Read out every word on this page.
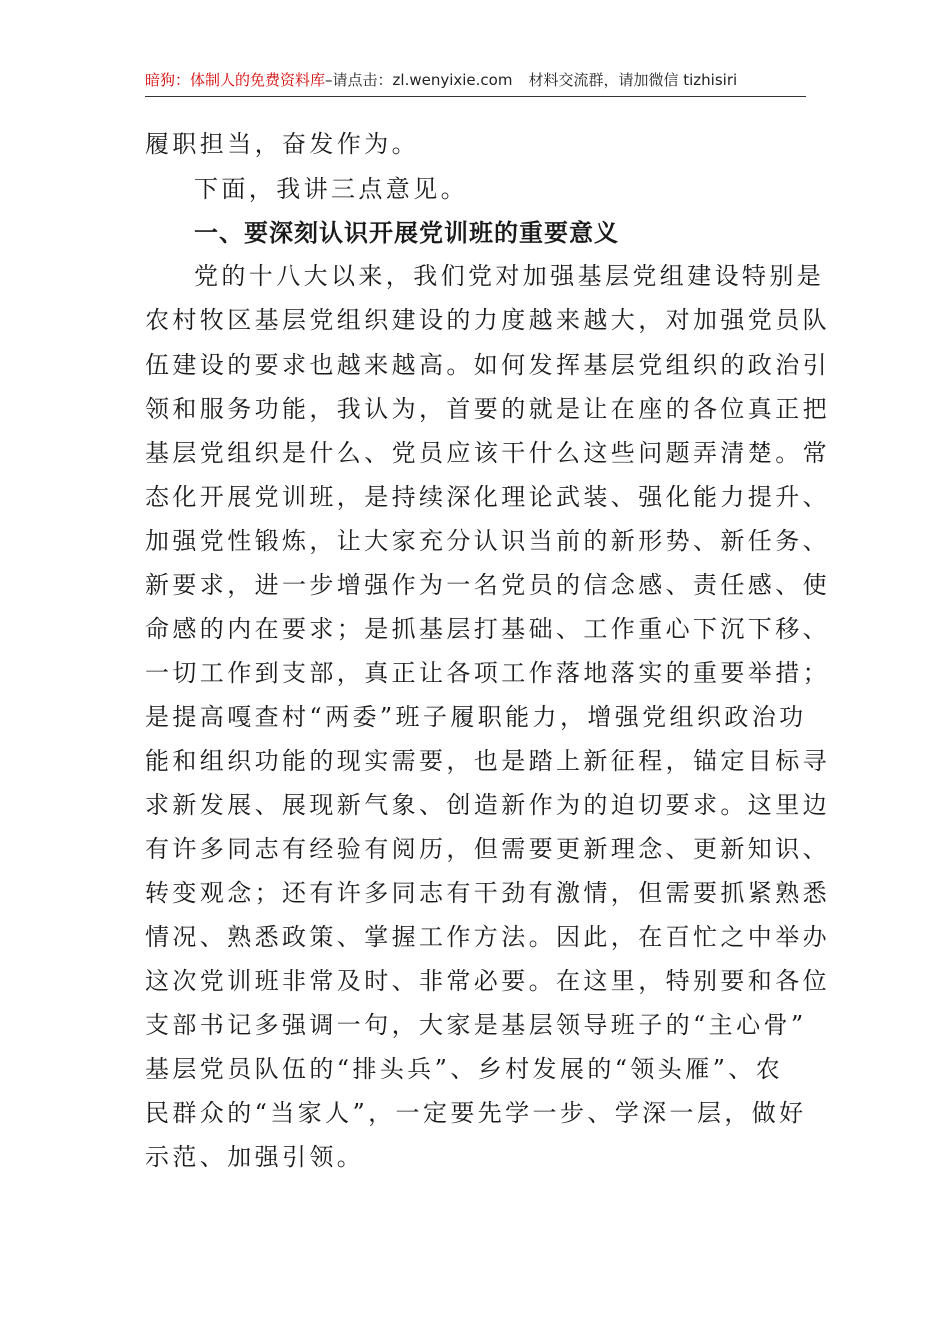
暗狗：体制人的免费资料库–请点击：zl.wenyixie.com 材料交流群，请加微信 tizhisiri

履职担当，奋发作为。

下面，我讲三点意见。

一、要深刻认识开展党训班的重要意义

党的十八大以来，我们党对加强基层党组建设特别是

农村牧区基层党组织建设的力度越来越大，对加强党员队

伍建设的要求也越来越高。如何发挥基层党组织的政治引

领和服务功能，我认为，首要的就是让在座的各位真正把

基层党组织是什么、党员应该干什么这些问题弄清楚。常

态化开展党训班，是持续深化理论武装、强化能力提升、

加强党性锻炼，让大家充分认识当前的新形势、新任务、

新要求，进一步增强作为一名党员的信念感、责任感、使

命感的内在要求；是抓基层打基础、工作重心下沉下移、

一切工作到支部，真正让各项工作落地落实的重要举措；

是提高嘎查村“两委”班子履职能力，增强党组织政治功

能和组织功能的现实需要，也是踏上新征程，锚定目标寻

求新发展、展现新气象、创造新作为的迫切要求。这里边

有许多同志有经验有阅历，但需要更新理念、更新知识、

转变观念；还有许多同志有干劲有激情，但需要抓紧熟悉

情况、熟悉政策、掌握工作方法。因此，在百忙之中举办

这次党训班非常及时、非常必要。在这里，特别要和各位

支部书记多强调一句，大家是基层领导班子的“主心骨”

基层党员队伍的“排头兵”、乡村发展的“领头雁”、农

民群众的“当家人”，一定要先学一步、学深一层，做好

示范、加强引领。
